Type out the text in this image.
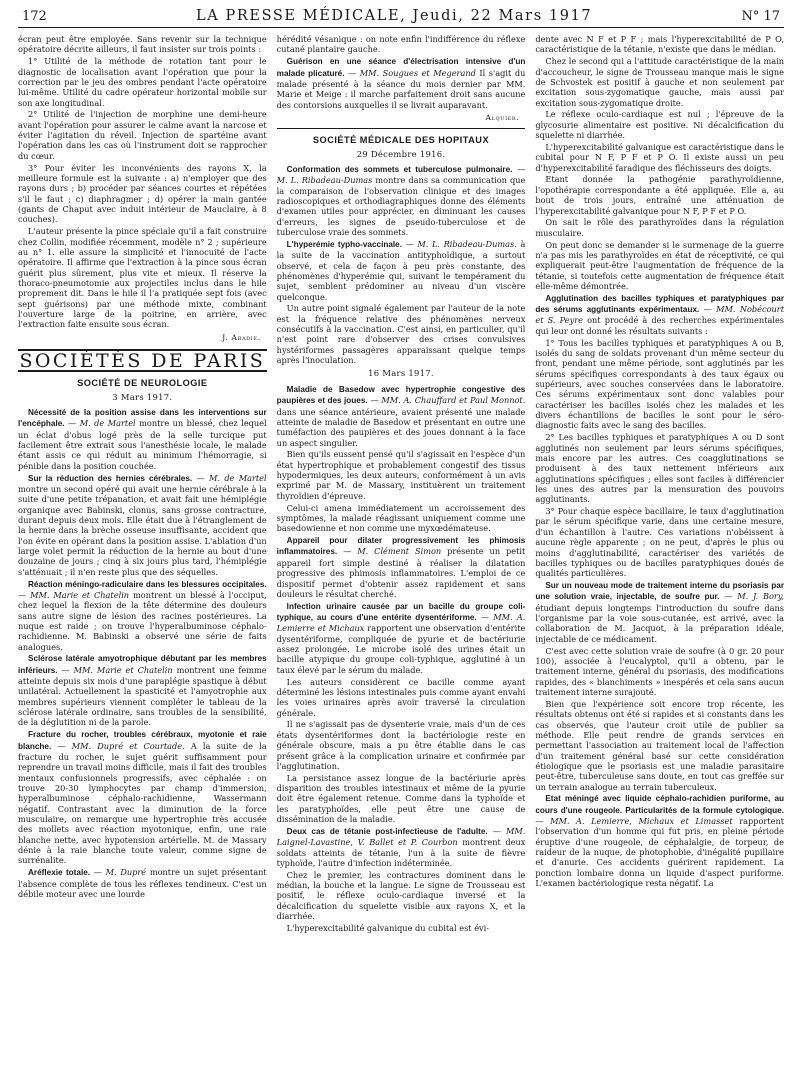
172	LA PRESSE MÉDICALE, Jeudi, 22 Mars 1917	N° 17

écran peut être employée. Sans revenir sur la technique opératoire décrite ailleurs, il faut insister sur trois points :

1° Utilité de la méthode de rotation tant pour le diagnostic de localisation avant l'opération que pour la correction par le jeu des ombres pendant l'acte opératoire lui-même. Utilité du cadre opérateur horizontal mobile sur son axe longitudinal.

2° Utilité de l'injection de morphine une demi-heure avant l'opération pour assurer le calme avant la narcose et éviter l'agitation du réveil. Injection de spartéine avant l'opération dans les cas où l'instrument doit se rapprocher du cœur.

3° Pour éviter les inconvénients des rayons X, la meilleure formule est la suivante : a) n'employer que des rayons durs ; b) procéder par séances courtes et répétées s'il le faut ; c) diaphragmer ; d) opérer la main gantée (gants de Chaput avec induit intérieur de Mauclaire, à 8 couches).

L'auteur présente la pince spéciale qu'il a fait construire chez Collin, modifiée récemment, modèle n° 2 ; supérieure au n° 1. elle assure la simplicité et l'innocuité de l'acte opératoire. Il affirme que l'extraction à la pince sous écran guérit plus sûrement, plus vite et mieux. Il réserve la thoraco-pneumotomie aux projectiles inclus dans le hile proprement dit. Dans le hile il l'a pratiquée sept fois (avec sept guérisons) par une méthode mixte, combinant l'ouverture large de la poitrine, en arrière, avec l'extraction faite ensuite sous écran.

J. Abadie.
SOCIÉTÉS DE PARIS
SOCIÉTÉ DE NEUROLOGIE
3 Mars 1917.

Nécessité de la position assise dans les interventions sur l'encéphale. — M. de Martel montre un blessé, chez lequel un éclat d'obus logé près de la selle turcique put facilement être extrait sous l'anesthésie locale, le malade étant assis ce qui réduit au minimum l'hémorragie, si pénible dans la position couchée.

Sur la réduction des hernies cérébrales. — M. de Martel montre un second opéré qui avait une hernie cérébrale à la suite d'une petite trépanation, et avait fait une hémiplégie organique avec Babinski, clonus, sans grosse contracture, durant depuis deux mois. Elle était due à l'étranglement de la hernie dans la brèche osseuse insuffisante, accident que l'on évite en opérant dans la position assise. L'ablation d'un large volet permit la réduction de la hernie au bout d'une douzaine de jours ; cinq à six jours plus tard, l'hémiplégie s'atténuait ; il n'en reste plus que des séquelles.

Réaction méningo-radiculaire dans les blessures occipitales. — MM. Marie et Chatelin montrent un blessé à l'occiput, chez lequel la flexion de la tête détermine des douleurs sans autre signe de lésion des racines postérieures. La nuque est raide ; on trouve l'hyperalbuminose céphalo-rachidienne. M. Babinski a observé une série de faits analogues.

Sclérose latérale amyotrophique débutant par les membres inférieurs. — MM. Marie et Chatelin montrent une femme atteinte depuis six mois d'une paraplégie spastique à début unilatéral. Actuellement la spasticité et l'amyotrophie aux membres supérieurs viennent compléter le tableau de la sclérose latérale ordinaire, sans troubles de la sensibilité, de la déglutition ni de la parole.

Fracture du rocher, troubles cérébraux, myotonie et raie blanche. — MM. Dupré et Courtade. A la suite de la fracture du rocher, le sujet guérit suffisamment pour reprendre un travail moins difficile, mais il fait des troubles mentaux confusionnels progressifs, avec céphalée : on trouve 20-30 lymphocytes par champ d'immersion, hyperalbuminose céphalo-rachidienne, Wassermann négatif. Contrastant avec la diminution de la force musculaire, on remarque une hypertrophie très accusée des mollets avec réaction myotonique, enfin, une raie blanche nette, avec hypotension artérielle. M. de Massary dénie à la raie blanche toute valeur, comme signe de surrénalite.

Aréflexie totale. — M. Dupré montre un sujet présentant l'absence complète de tous les réflexes tendineux. C'est un débile moteur avec une lourde

hérédité vésanique : on note enfin l'indifférence du réflexe cutané plantaire gauche.

Guérison en une séance d'électrisation intensive d'un malade plicaturé. — MM. Sougues et Megerand Il s'agit du malade présenté à la séance du mois dernier par MM. Marie et Meige : il marche parfaitement droit sans aucune des contorsions auxquelles il se livrait auparavant.

Alquier.
SOCIÉTÉ MÉDICALE DES HOPITAUX
29 Décembre 1916.

Conformation des sommets et tuberculose pulmonaire. — M. L. Ribadeau-Dumas montre dans sa communication que la comparaison de l'observation clinique et des images radioscopiques et orthodiagraphiques donne des éléments d'examen utiles pour apprécier, en diminuant les causes d'erreurs, les signes de pseudo-tuberculose et de tuberculose vraie des sommets.

L'hyperémie typho-vaccinale. — M. L. Ribadeau-Dumas. à la suite de la vaccination antityphoïdique, a surtout observé, et cela de façon à peu près constante, des phénomènes d'hyperémie qui, suivant le tempérament du sujet, semblent prédominer au niveau d'un viscère quelconque.

Un autre point signalé également par l'auteur de la note est la fréquence relative des phénomènes nerveux consécutifs à la vaccination. C'est ainsi, en particulier, qu'il n'est point rare d'observer des crises convulsives hystériformes passagères apparaissant quelque temps après l'inoculation.

16 Mars 1917.

Maladie de Basedow avec hypertrophie congestive des paupières et des joues. — MM. A. Chauffard et Paul Monnot. dans une séance antérieure, avaient présenté une malade atteinte de maladie de Basedow et présentant en outre une tuméfaction des paupières et des joues donnant à la face un aspect singulier.

Bien qu'ils eussent pensé qu'il s'agissait en l'espèce d'un état hypertrophique et probablement congestif des tissus hypodermiques, les deux auteurs, conformément à un avis exprimé par M. de Massary, instituèrent un traitement thyroïdien d'épreuve.

Celui-ci amena immédiatement un accroissement des symptômes, la malade réagissant uniquement comme une basedowienne et non comme une myxœdémateuse.

Appareil pour dilater progressivement les phimosis inflammatoires. — M. Clément Simon présente un petit appareil fort simple destiné à réaliser la dilatation progressive des phimosis inflammatoires. L'emploi de ce dispositif permet d'obtenir assez rapidement et sans douleurs le résultat cherché.

Infection urinaire causée par un bacille du groupe coli-typhique, au cours d'une entérite dysentériforme. — MM. A. Lemierre et Michaux rapportent une observation d'entérite dysentériforme, compliquée de pyurie et de bactériurie assez prolongée. Le microbe isolé des urines était un bacille atypique du groupe coli-typhique, agglutiné à un taux élevé par le sérum du malade.

Les auteurs considèrent ce bacille comme ayant déterminé les lésions intestinales puis comme ayant envahi les voies urinaires après avoir traversé la circulation générale.

Il ne s'agissait pas de dysenterie vraie, mais d'un de ces états dysentériformes dont la bactériologie reste en générale obscure, mais a pu être établie dans le cas présent grâce à la complication urinaire et confirmée par l'agglutination.

La persistance assez longue de la bactériurie après disparition des troubles intestinaux et même de la pyurie doit être également retenue. Comme dans la typhoïde et les paratyphoïdes, elle peut être une cause de dissémination de la maladie.

Deux cas de tétanie post-infectieuse de l'adulte. — MM. Laignel-Lavastine, V. Ballet et P. Courbon montrent deux soldats atteints de tétanie, l'un à la suite de fièvre typhoïde, l'autre d'infection indéterminée.

Chez le premier, les contractures dominent dans le médian, la bouche et la langue. Le signe de Trousseau est positif, le réflexe oculo-cardiaque inversé et la décalcification du squelette visible aux rayons X, et la diarrhée.

L'hyperexcitabilité galvanique du cubital est évi-

dente avec N F et P F ; mais l'hyperexcitabilité de P O, caractéristique de la tétanie, n'existe que dans le médian.

Chez le second qui a l'attitude caractéristique de la main d'accoucheur, le signe de Trousseau manque mais le signe de Schvostek est positif à gauche et non seulement par excitation sous-zygomatique gauche, mais aussi par excitation sous-zygomatique droite.

Le réflexe oculo-cardiaque est nul ; l'épreuve de la glycosurie alimentaire est positive. Ni décalcification du squelette ni diarrhée.

L'hyperexcitabilité galvanique est caractéristique dans le cubital pour N F, P F et P O. Il existe aussi un peu d'hyperexcitabilité faradique des fléchisseurs des doigts.

Etant donnée la pathogénie parathyroïdienne, l'opothérapie correspondante a été appliquée. Elle a, au bout de trois jours, entraîné une atténuation de l'hyperexcitabilité galvanique pour N F, P F et P O.

On sait le rôle des parathyroïdes dans la régulation musculaire.

On peut donc se demander si le surmenage de la guerre n'a pas mis les parathyroïdes en état de réceptivité, ce qui expliquerait peut-être l'augmentation de fréquence de la tétanie, si toutefois cette augmentation de fréquence était elle-même démontrée.

Agglutination des bacilles typhiques et paratyphiques par des sérums agglutinants expérimentaux. — MM. Nobécourt et S. Peyre ont procédé à des recherches expérimentales qui leur ont donné les résultats suivants :

1° Tous les bacilles typhiques et paratyphiques A ou B, isolés du sang de soldats provenant d'un même secteur du front, pendant une même période, sont agglutinés par les sérums spécifiques correspondants à des taux égaux ou supérieurs, avec souches conservées dans le laboratoire. Ces sérums expérimentaux sont donc valables pour caractériser les bacilles isolés chez les malades et les divers échantillons de bacilles le sont pour le séro-diagnostic faits avec le sang des bacilles.

2° Les bacilles typhiques et paratyphiques A ou D sont agglutinés non seulement par leurs sérums spécifiques, mais encore par les autres. Ces coagglutinations se produisent à des taux nettement inférieurs aux agglutinations spécifiques ; elles sont faciles à différencier les unes des autres par la mensuration des pouvoirs agglutinants.

3° Pour chaque espèce bacillaire, le taux d'agglutination par le sérum spécifique varie, dans une certaine mesure, d'un échantillon à l'autre. Ces variations n'obéissent à aucune règle apparente ; on ne peut, d'après le plus ou moins d'agglutinabilité, caractériser des variétés de bacilles typhiques ou de bacilles paratyphiques doués de qualités particulières.

Sur un nouveau mode de traitement interne du psoriasis par une solution vraie, injectable, de soufre pur. — M. J. Bory, étudiant depuis longtemps l'introduction du soufre dans l'organisme par la voie sous-cutanée, est arrivé, avec la collaboration de M. Jacquot, à la préparation idéale, injectable de ce médicament.

C'est avec cette solution vraie de soufre (à 0 gr. 20 pour 100), associée à l'eucalyptol, qu'il a obtenu, par le traitement interne, général du psoriasis, des modifications rapides, des « blanchiments » inespérés et cela sans aucun traitement interne surajouté.

Bien que l'expérience soit encore trop récente, les résultats obtenus ont été si rapides et si constants dans les cas observés, que l'auteur croit utile de publier sa méthode. Elle peut rendre de grands services en permettant l'association au traitement local de l'affection d'un traitement général basé sur cette considération étiologique que le psoriasis est une maladie parasitaire peut-être, tuberculeuse sans doute, en tout cas greffée sur un terrain analogue au terrain tuberculeux.

Etat méningé avec liquide céphalo-rachidien puriforme, au cours d'une rougeole. Particularités de la formule cytologique. — MM. A. Lemierre, Michaux et Limasset rapportent l'observation d'un homme qui fut pris, en pleine période éruptive d'une rougeole, de céphalalgie, de torpeur, de raideur de la nuque, de photophobie, d'inégalité pupillaire et d'anurie. Ces accidents guérirent rapidement. La ponction lombaire donna un liquide d'aspect puriforme. L'examen bactériologique resta négatif. La
